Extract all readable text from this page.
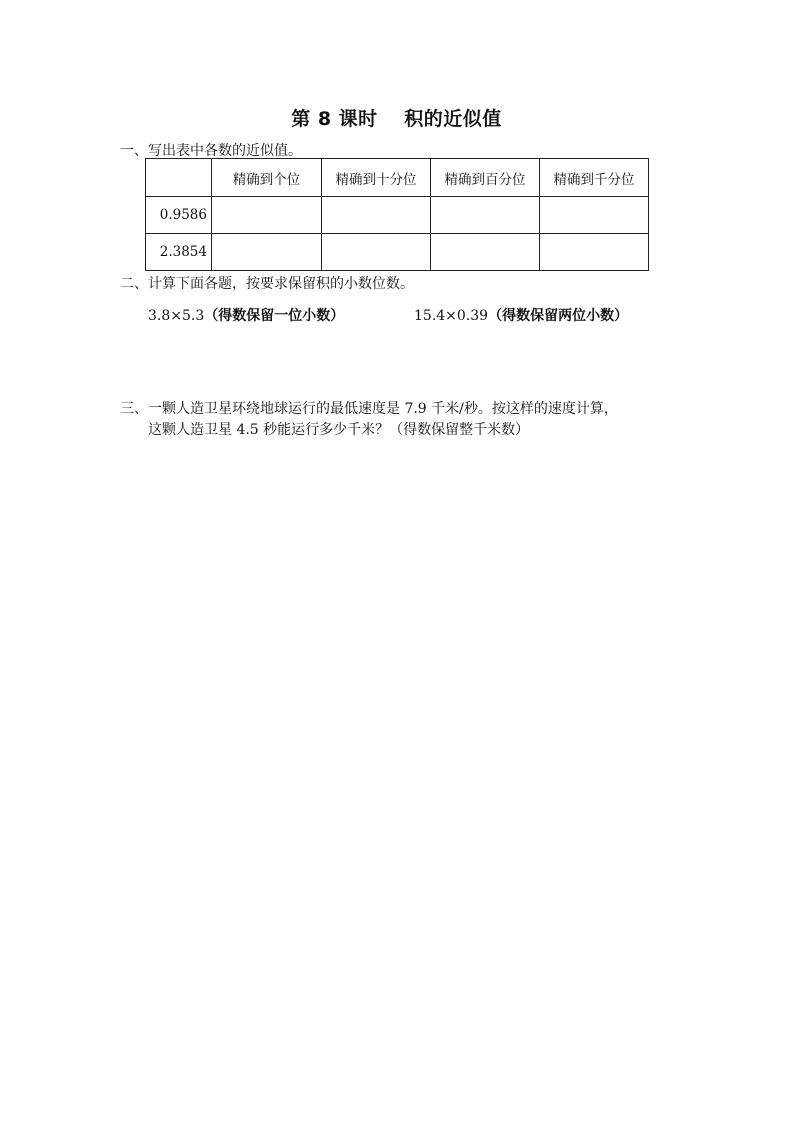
第 8 课时　 积的近似值
一、写出表中各数的近似值。
	精确到个位	精确到十分位	精确到百分位	精确到千分位
0.9586				
2.3854				
二、计算下面各题，按要求保留积的小数位数。
3.8×5.3（得数保留一位小数）	15.4×0.39（得数保留两位小数）
三、一颗人造卫星环绕地球运行的最低速度是 7.9 千米/秒。按这样的速度计算，
这颗人造卫星 4.5 秒能运行多少千米？（得数保留整千米数）
